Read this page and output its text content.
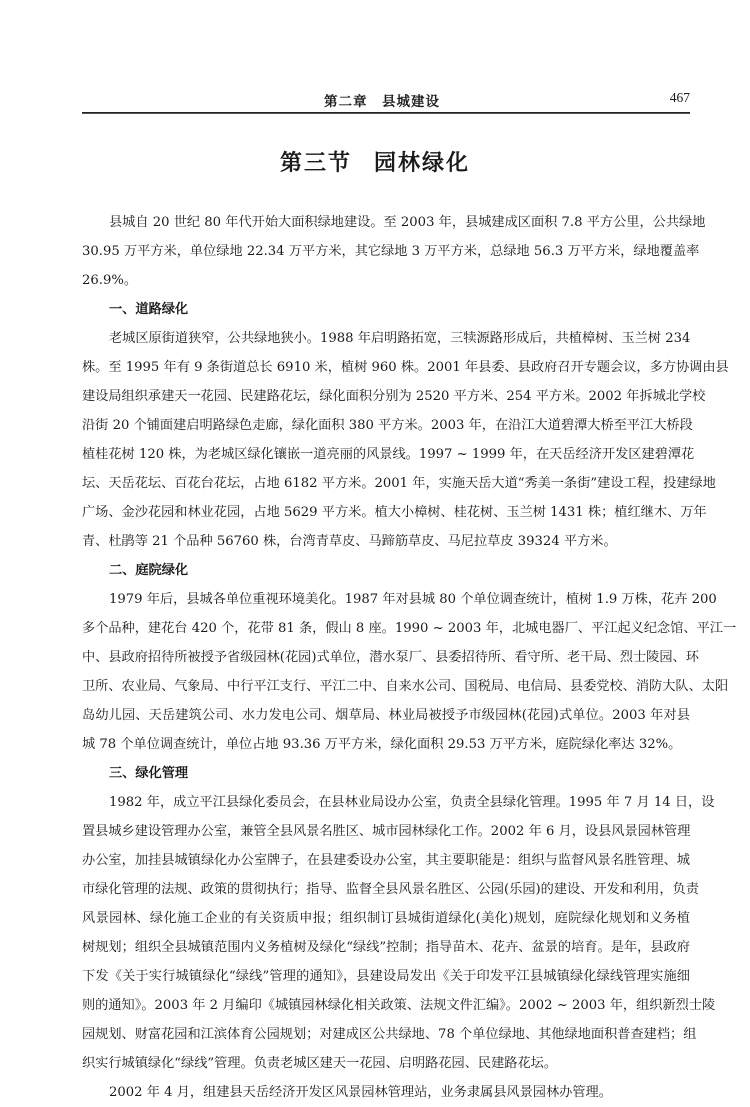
第二章　县城建设	467
第三节 园林绿化
县城自 20 世纪 80 年代开始大面积绿地建设。至 2003 年，县城建成区面积 7.8 平方公里，公共绿地
30.95 万平方米，单位绿地 22.34 万平方米，其它绿地 3 万平方米，总绿地 56.3 万平方米，绿地覆盖率
26.9%。
一、道路绿化
老城区原街道狭窄，公共绿地狭小。1988 年启明路拓宽，三犊源路形成后，共植樟树、玉兰树 234
株。至 1995 年有 9 条街道总长 6910 米，植树 960 株。2001 年县委、县政府召开专题会议，多方协调由县
建设局组织承建天一花园、民建路花坛，绿化面积分别为 2520 平方米、254 平方米。2002 年拆城北学校
沿街 20 个铺面建启明路绿色走廊，绿化面积 380 平方米。2003 年，在沿江大道碧潭大桥至平江大桥段
植桂花树 120 株，为老城区绿化镶嵌一道亮丽的风景线。1997 ~ 1999 年，在天岳经济开发区建碧潭花
坛、天岳花坛、百花台花坛，占地 6182 平方米。2001 年，实施天岳大道“秀美一条街”建设工程，投建绿地
广场、金沙花园和林业花园，占地 5629 平方米。植大小樟树、桂花树、玉兰树 1431 株；植红继木、万年
青、杜鹃等 21 个品种 56760 株，台湾青草皮、马蹄筋草皮、马尼拉草皮 39324 平方米。
二、庭院绿化
1979 年后，县城各单位重视环境美化。1987 年对县城 80 个单位调查统计，植树 1.9 万株，花卉 200
多个品种，建花台 420 个，花带 81 条，假山 8 座。1990 ~ 2003 年，北城电器厂、平江起义纪念馆、平江一
中、县政府招待所被授予省级园林(花园)式单位，潜水泵厂、县委招待所、看守所、老干局、烈士陵园、环
卫所、农业局、气象局、中行平江支行、平江二中、自来水公司、国税局、电信局、县委党校、消防大队、太阳
岛幼儿园、天岳建筑公司、水力发电公司、烟草局、林业局被授予市级园林(花园)式单位。2003 年对县
城 78 个单位调查统计，单位占地 93.36 万平方米，绿化面积 29.53 万平方米，庭院绿化率达 32%。
三、绿化管理
1982 年，成立平江县绿化委员会，在县林业局设办公室，负责全县绿化管理。1995 年 7 月 14 日，设
置县城乡建设管理办公室，兼管全县风景名胜区、城市园林绿化工作。2002 年 6 月，设县风景园林管理
办公室，加挂县城镇绿化办公室牌子，在县建委设办公室，其主要职能是：组织与监督风景名胜管理、城
市绿化管理的法规、政策的贯彻执行；指导、监督全县风景名胜区、公园(乐园)的建设、开发和利用，负责
风景园林、绿化施工企业的有关资质申报；组织制订县城街道绿化(美化)规划，庭院绿化规划和义务植
树规划；组织全县城镇范围内义务植树及绿化“绿线”控制；指导苗木、花卉、盆景的培育。是年，县政府
下发《关于实行城镇绿化“绿线”管理的通知》，县建设局发出《关于印发平江县城镇绿化绿线管理实施细
则的通知》。2003 年 2 月编印《城镇园林绿化相关政策、法规文件汇编》。2002 ~ 2003 年，组织新烈士陵
园规划、财富花园和江滨体育公园规划；对建成区公共绿地、78 个单位绿地、其他绿地面积普查建档；组
织实行城镇绿化“绿线”管理。负责老城区建天一花园、启明路花园、民建路花坛。
2002 年 4 月，组建县天岳经济开发区风景园林管理站，业务隶属县风景园林办管理。
